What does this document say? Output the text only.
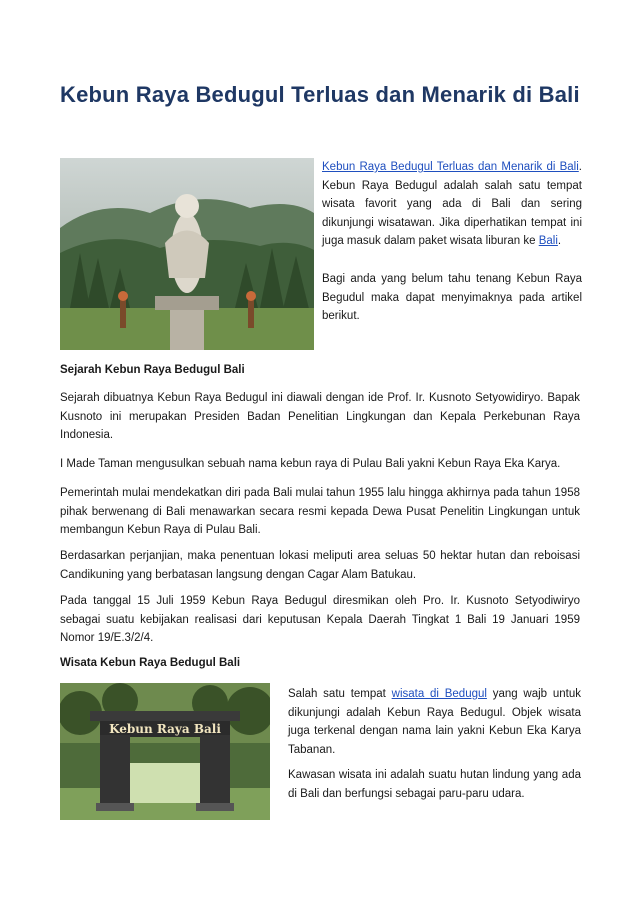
Kebun Raya Bedugul Terluas dan Menarik di Bali
Kebun Raya Bedugul Terluas dan Menarik di Bali. Kebun Raya Bedugul adalah salah satu tempat wisata favorit yang ada di Bali dan sering dikunjungi wisatawan. Jika diperhatikan tempat ini juga masuk dalam paket wisata liburan ke Bali.

Bagi anda yang belum tahu tenang Kebun Raya Begudul maka dapat menyimaknya pada artikel berikut.

Sejarah Kebun Raya Bedugul Bali

Sejarah dibuatnya Kebun Raya Bedugul ini diawali dengan ide Prof. Ir. Kusnoto Setyowidiryo. Bapak Kusnoto ini merupakan Presiden Badan Penelitian Lingkungan dan Kepala Perkebunan Raya Indonesia.

I Made Taman mengusulkan sebuah nama kebun raya di Pulau Bali yakni Kebun Raya Eka Karya.

Pemerintah mulai mendekatkan diri pada Bali mulai tahun 1955 lalu hingga akhirnya pada tahun 1958 pihak berwenang di Bali menawarkan secara resmi kepada Dewa Pusat Penelitin Lingkungan untuk membangun Kebun Raya di Pulau Bali.

Berdasarkan perjanjian, maka penentuan lokasi meliputi area seluas 50 hektar hutan dan reboisasi Candikuning yang berbatasan langsung dengan Cagar Alam Batukau.

Pada tanggal 15 Juli 1959 Kebun Raya Bedugul diresmikan oleh Pro. Ir. Kusnoto Setyodiwiryo sebagai suatu kebijakan realisasi dari keputusan Kepala Daerah Tingkat 1 Bali 19 Januari 1959 Nomor 19/E.3/2/4.

Wisata Kebun Raya Bedugul Bali

Kebun Raya Bali
Salah satu tempat wisata di Bedugul yang wajb untuk dikunjungi adalah Kebun Raya Bedugul. Objek wisata juga terkenal dengan nama lain yakni Kebun Eka Karya Tabanan.

Kawasan wisata ini adalah suatu hutan lindung yang ada di Bali dan berfungsi sebagai paru-paru udara.
